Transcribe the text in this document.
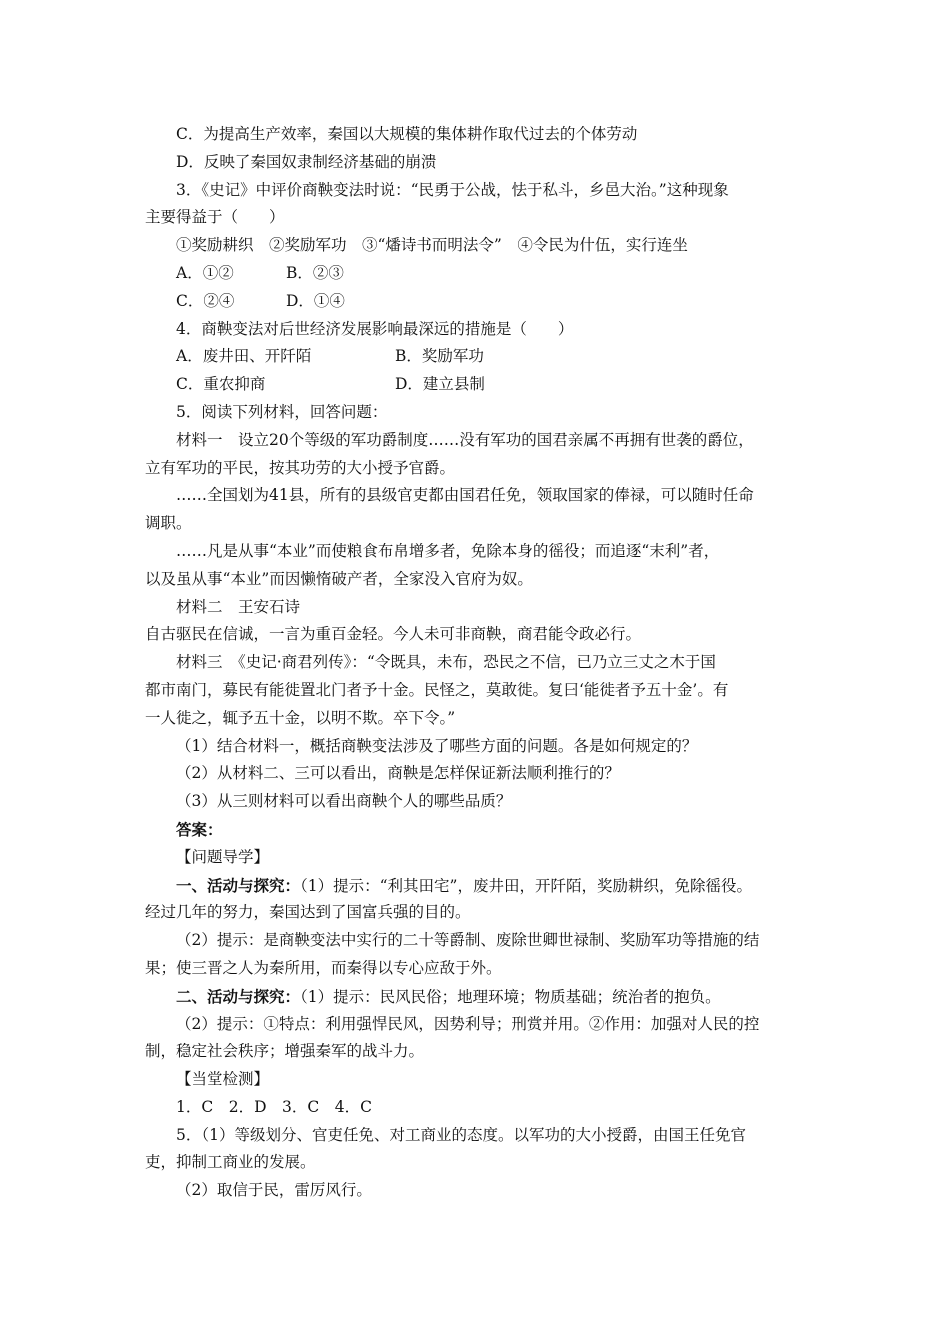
C．为提高生产效率，秦国以大规模的集体耕作取代过去的个体劳动
D．反映了秦国奴隶制经济基础的崩溃
3．《史记》中评价商鞅变法时说：“民勇于公战，怯于私斗，乡邑大治。”这种现象
主要得益于（　　）
①奖励耕织　②奖励军功　③“燔诗书而明法令”　④令民为什伍，实行连坐
A．①②	B．②③
C．②④	D．①④
4．商鞅变法对后世经济发展影响最深远的措施是（　　）
A．废井田、开阡陌	B．奖励军功
C．重农抑商	D．建立县制
5．阅读下列材料，回答问题：
材料一　设立20个等级的军功爵制度……没有军功的国君亲属不再拥有世袭的爵位，
立有军功的平民，按其功劳的大小授予官爵。
……全国划为41县，所有的县级官吏都由国君任免，领取国家的俸禄，可以随时任命
调职。
……凡是从事“本业”而使粮食布帛增多者，免除本身的徭役；而追逐“末利”者，
以及虽从事“本业”而因懒惰破产者，全家没入官府为奴。
材料二　王安石诗
自古驱民在信诚，一言为重百金轻。今人未可非商鞅，商君能令政必行。
材料三　《史记·商君列传》：“令既具，未布，恐民之不信，已乃立三丈之木于国
都市南门，募民有能徙置北门者予十金。民怪之，莫敢徙。复曰‘能徙者予五十金’。有
一人徙之，辄予五十金，以明不欺。卒下令。”
（1）结合材料一，概括商鞅变法涉及了哪些方面的问题。各是如何规定的？
（2）从材料二、三可以看出，商鞅是怎样保证新法顺利推行的？
（3）从三则材料可以看出商鞅个人的哪些品质？
答案：
【问题导学】
一、活动与探究：（1）提示：“利其田宅”，废井田，开阡陌，奖励耕织，免除徭役。
经过几年的努力，秦国达到了国富兵强的目的。
（2）提示：是商鞅变法中实行的二十等爵制、废除世卿世禄制、奖励军功等措施的结
果；使三晋之人为秦所用，而秦得以专心应敌于外。
二、活动与探究：（1）提示：民风民俗；地理环境；物质基础；统治者的抱负。
（2）提示：①特点：利用强悍民风，因势利导；刑赏并用。②作用：加强对人民的控
制，稳定社会秩序；增强秦军的战斗力。
【当堂检测】
1．C　2．D　3．C　4．C
5．（1）等级划分、官吏任免、对工商业的态度。以军功的大小授爵，由国王任免官
吏，抑制工商业的发展。
（2）取信于民，雷厉风行。
